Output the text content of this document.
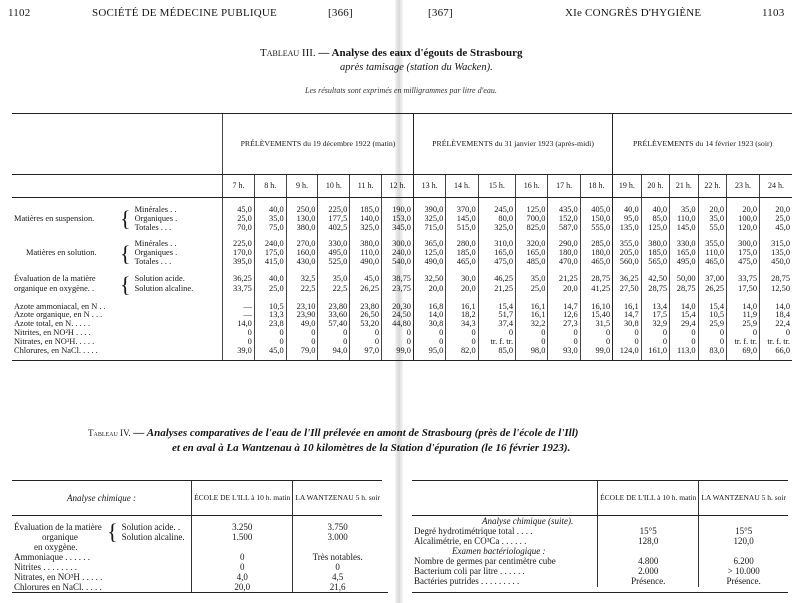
1102	SOCIÉTÉ DE MÉDECINE PUBLIQUE	[366]	[367]	XIe CONGRÈS D'HYGIÈNE	1103
Tableau III. — Analyse des eaux d'égouts de Strasbourg
après tamisage (station du Wacken).
Les résultats sont exprimés en milligrammes par litre d'eau.
			PRÉLÈVEMENTS du 19 décembre 1922 (matin)						PRÉLÈVEMENTS du 31 janvier 1923 (après-midi)						PRÉLÈVEMENTS du 14 février 1923 (soir)					
			7 h.	8 h.	9 h.	10 h.	11 h.	12 h.	13 h.	14 h.	15 h.	16 h.	17 h.	18 h.	19 h.	20 h.	21 h.	22 h.	23 h.	24 h.

Matières en suspension.	{	Minérales . .	45,0	40,0	250,0	225,0	185,0	190,0	390,0	370,0	245,0	125,0	435,0	405,0	40,0	40,0	35,0	20,0	20,0	20,0
		Organiques .	25,0	35,0	130,0	177,5	140,0	153,0	325,0	145,0	80,0	700,0	152,0	150,0	95,0	85,0	110,0	35,0	100,0	25,0
		Totales . . .	70,0	75,0	380,0	402,5	325,0	345,0	715,0	515,0	325,0	825,0	587,0	555,0	135,0	125,0	145,0	55,0	120,0	45,0

Matières en solution.	{	Minérales . .	225,0	240,0	270,0	330,0	380,0	300,0	365,0	280,0	310,0	320,0	290,0	285,0	355,0	380,0	330,0	355,0	300,0	315,0
		Organiques .	170,0	175,0	160,0	495,0	110,0	240,0	125,0	185,0	165,0	165,0	180,0	180,0	205,0	185,0	165,0	110,0	175,0	135,0
		Totales . . .	395,0	415,0	430,0	525,0	490,0	540,0	490,0	465,0	475,0	485,0	470,0	465,0	560,0	565,0	495,0	465,0	475,0	450,0

Évaluation de la matière	{	Solution acide.	36,25	40,0	32,5	35,0	45,0	38,75	32,50	30,0	46,25	35,0	21,25	28,75	36,25	42,50	50,00	37,00	33,75	28,75
organique en oxygène. .		Solution alcaline.	33,75	25,0	22,5	22,5	26,25	23,75	20,0	20,0	21,25	25,0	20,0	41,25	27,50	28,75	28,75	26,25	17,50	12,50

Azote ammoniacal, en N . .			—	10,5	23,10	23,80	23,80	20,30	16,8	16,1	15,4	16,1	14,7	16,10	16,1	13,4	14,0	15,4	14,0	14,0
Azote organique, en N . . .			—	13,3	23,90	33,60	26,50	24,50	14,0	18,2	51,7	16,1	12,6	15,40	14,7	17,5	15,4	10,5	11,9	18,4
Azote total, en N. . . . .			14,0	23,8	49,0	57,40	53,20	44,80	30,8	34,3	37,4	32,2	27,3	31,5	30,8	32,9	29,4	25,9	25,9	22,4
Nitrites, en NO²H . . . .			0	0	0	0	0	0	0	0	0	0	0	0	0	0	0	0	0	0
Nitrates, en NO³H. . . . .			0	0	0	0	0	0	0	0	tr. f. tr.	0	0	0	0	0	0	0	tr. f. tr.	tr. f. tr.
Chlorures, en NaCl. . . . .			39,0	45,0	79,0	94,0	97,0	99,0	95,0	82,0	85,0	98,0	93,0	99,0	124,0	161,0	113,0	83,0	69,0	66,0
Tableau IV. — Analyses comparatives de l'eau de l'Ill prélevée en amont de Strasbourg (près de l'école de l'Ill)
et en aval à La Wantzenau à 10 kilomètres de la Station d'épuration (le 16 février 1923).
Analyse chimique :			ÉCOLE DE L'ILL à 10 h. matin	LA WANTZENAU 5 h. soir

Évaluation de la matière	{	Solution acide. .	3.250	3.750
organique		Solution alcaline.	1.500	3.000
en oxygène.				
Ammoniaque . . . . . .			0	Très notables.
Nitrites . . . . . . . .			0	0
Nitrates, en NO³H . . . . .			4,0	4,5
Chlorures en NaCl. . . . .			20,0	21,6
	ÉCOLE DE L'ILL à 10 h. matin	LA WANTZENAU 5 h. soir
Analyse chimique (suite).		
Degré hydrotimétrique total . . . .	15°5	15°5
Alcalimétrie, en CO³Ca . . . . . .	128,0	120,0
Examen bactériologique :		
Nombre de germes par centimètre cube	4.800	6.200
Bacterium coli par litre . . . . . .	2.000	> 10.000
Bactéries putrides . . . . . . . . .	Présence.	Présence.
